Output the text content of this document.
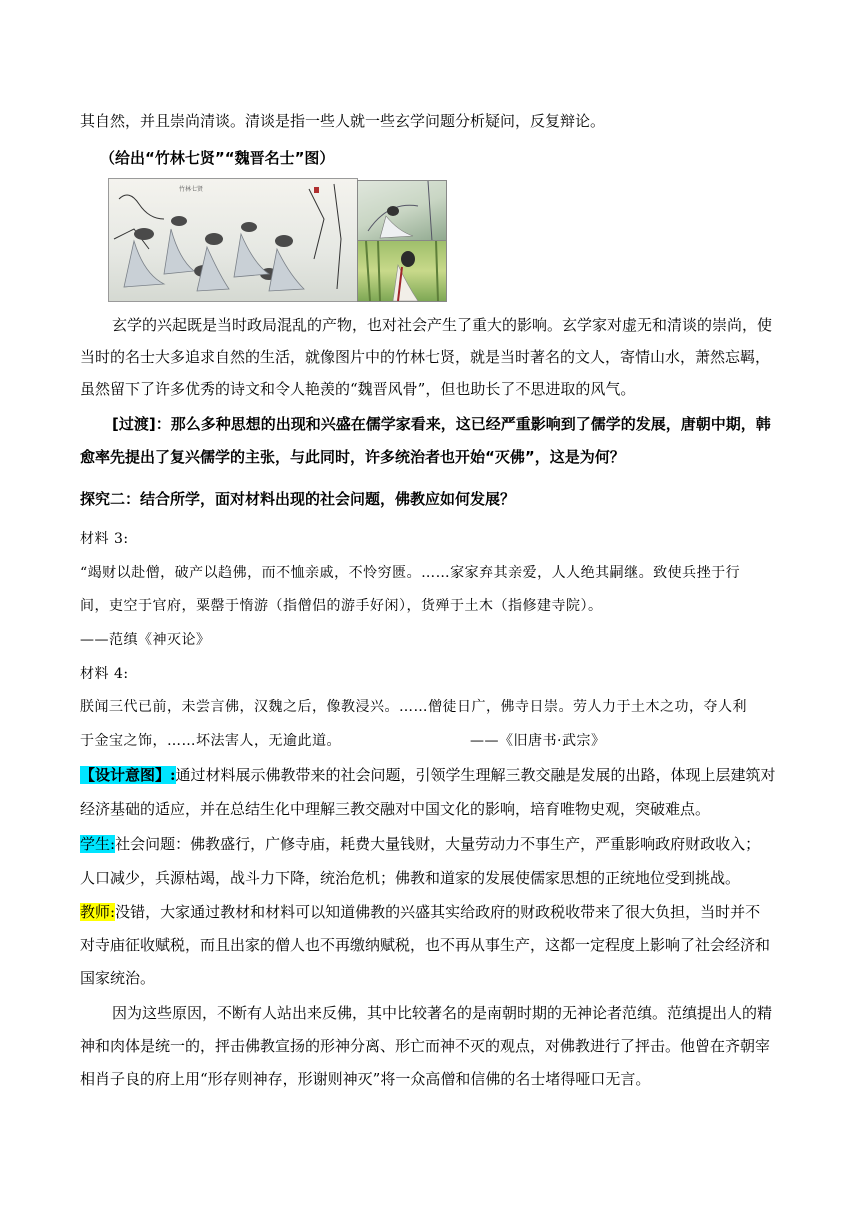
其自然，并且崇尚清谈。清谈是指一些人就一些玄学问题分析疑问，反复辩论。
（给出“竹林七贤”“魏晋名士”图）
竹林七贤
玄学的兴起既是当时政局混乱的产物，也对社会产生了重大的影响。玄学家对虚无和清谈的崇尚，使
当时的名士大多追求自然的生活，就像图片中的竹林七贤，就是当时著名的文人，寄情山水，萧然忘羁，
虽然留下了许多优秀的诗文和令人艳羡的“魏晋风骨”，但也助长了不思进取的风气。
[过渡]：那么多种思想的出现和兴盛在儒学家看来，这已经严重影响到了儒学的发展，唐朝中期，韩
愈率先提出了复兴儒学的主张，与此同时，许多统治者也开始“灭佛”，这是为何？
探究二：结合所学，面对材料出现的社会问题，佛教应如何发展？
材料 3:
“竭财以赴僧，破产以趋佛，而不恤亲戚，不怜穷匮。……家家弃其亲爱，人人绝其嗣继。致使兵挫于行
间，吏空于官府，粟罄于惰游（指僧侣的游手好闲），货殚于土木（指修建寺院）。
——范缜《神灭论》
材料 4:
朕闻三代已前，未尝言佛，汉魏之后，像教浸兴。……僧徒日广，佛寺日崇。劳人力于土木之功，夺人利
于金宝之饰，……坏法害人，无逾此道。	——《旧唐书·武宗》
【设计意图】:通过材料展示佛教带来的社会问题，引领学生理解三教交融是发展的出路，体现上层建筑对
经济基础的适应，并在总结生化中理解三教交融对中国文化的影响，培育唯物史观，突破难点。
学生:社会问题：佛教盛行，广修寺庙，耗费大量钱财，大量劳动力不事生产，严重影响政府财政收入；
人口减少，兵源枯竭，战斗力下降，统治危机；佛教和道家的发展使儒家思想的正统地位受到挑战。
教师:没错，大家通过教材和材料可以知道佛教的兴盛其实给政府的财政税收带来了很大负担，当时并不
对寺庙征收赋税，而且出家的僧人也不再缴纳赋税，也不再从事生产，这都一定程度上影响了社会经济和
国家统治。
因为这些原因，不断有人站出来反佛，其中比较著名的是南朝时期的无神论者范缜。范缜提出人的精
神和肉体是统一的，抨击佛教宣扬的形神分离、形亡而神不灭的观点，对佛教进行了抨击。他曾在齐朝宰
相肖子良的府上用“形存则神存，形谢则神灭”将一众高僧和信佛的名士堵得哑口无言。
